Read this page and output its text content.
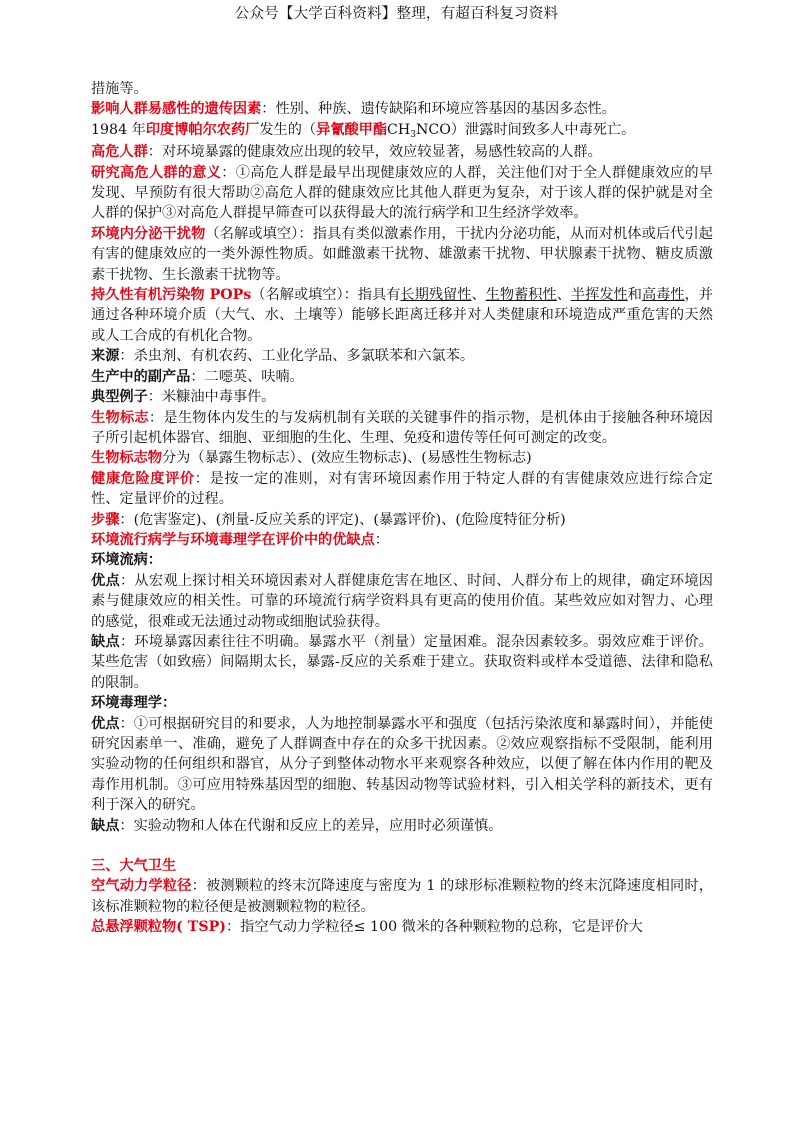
公众号【大学百科资料】整理，有超百科复习资料

措施等。

影响人群易感性的遗传因素：性别、种族、遗传缺陷和环境应答基因的基因多态性。

1984 年印度博帕尔农药厂发生的（异氰酸甲酯$CH_3NCO$）泄露时间致多人中毒死亡。

高危人群：对环境暴露的健康效应出现的较早，效应较显著，易感性较高的人群。

研究高危人群的意义：①高危人群是最早出现健康效应的人群，关注他们对于全人群健康效应的早发现、早预防有很大帮助②高危人群的健康效应比其他人群更为复杂，对于该人群的保护就是对全人群的保护③对高危人群提早筛查可以获得最大的流行病学和卫生经济学效率。

环境内分泌干扰物（名解或填空）：指具有类似激素作用，干扰内分泌功能，从而对机体或后代引起有害的健康效应的一类外源性物质。如雌激素干扰物、雄激素干扰物、甲状腺素干扰物、糖皮质激素干扰物、生长激素干扰物等。

持久性有机污染物 POPs（名解或填空）：指具有长期残留性、生物蓄积性、半挥发性和高毒性，并通过各种环境介质（大气、水、土壤等）能够长距离迁移并对人类健康和环境造成严重危害的天然或人工合成的有机化合物。

来源：杀虫剂、有机农药、工业化学品、多氯联苯和六氯苯。

生产中的副产品：二噁英、呋喃。

典型例子：米糠油中毒事件。

生物标志：是生物体内发生的与发病机制有关联的关键事件的指示物，是机体由于接触各种环境因子所引起机体器官、细胞、亚细胞的生化、生理、免疫和遗传等任何可测定的改变。

生物标志物分为（暴露生物标志）、(效应生物标志)、(易感性生物标志)

健康危险度评价：是按一定的准则，对有害环境因素作用于特定人群的有害健康效应进行综合定性、定量评价的过程。

步骤：(危害鉴定)、(剂量-反应关系的评定)、(暴露评价)、(危险度特征分析)

环境流行病学与环境毒理学在评价中的优缺点：

环境流病：

优点：从宏观上探讨相关环境因素对人群健康危害在地区、时间、人群分布上的规律，确定环境因素与健康效应的相关性。可靠的环境流行病学资料具有更高的使用价值。某些效应如对智力、心理的感觉，很难或无法通过动物或细胞试验获得。

缺点：环境暴露因素往往不明确。暴露水平（剂量）定量困难。混杂因素较多。弱效应难于评价。某些危害（如致癌）间隔期太长，暴露-反应的关系难于建立。获取资料或样本受道德、法律和隐私的限制。

环境毒理学：

优点：①可根据研究目的和要求，人为地控制暴露水平和强度（包括污染浓度和暴露时间），并能使研究因素单一、准确，避免了人群调查中存在的众多干扰因素。②效应观察指标不受限制，能利用实验动物的任何组织和器官，从分子到整体动物水平来观察各种效应，以便了解在体内作用的靶及毒作用机制。③可应用特殊基因型的细胞、转基因动物等试验材料，引入相关学科的新技术，更有利于深入的研究。

缺点：实验动物和人体在代谢和反应上的差异，应用时必须谨慎。

三、大气卫生

空气动力学粒径：被测颗粒的终末沉降速度与密度为 1 的球形标准颗粒物的终末沉降速度相同时，该标准颗粒物的粒径便是被测颗粒物的粒径。

总悬浮颗粒物( TSP)：指空气动力学粒径≤ 100 微米的各种颗粒物的总称，它是评价大
